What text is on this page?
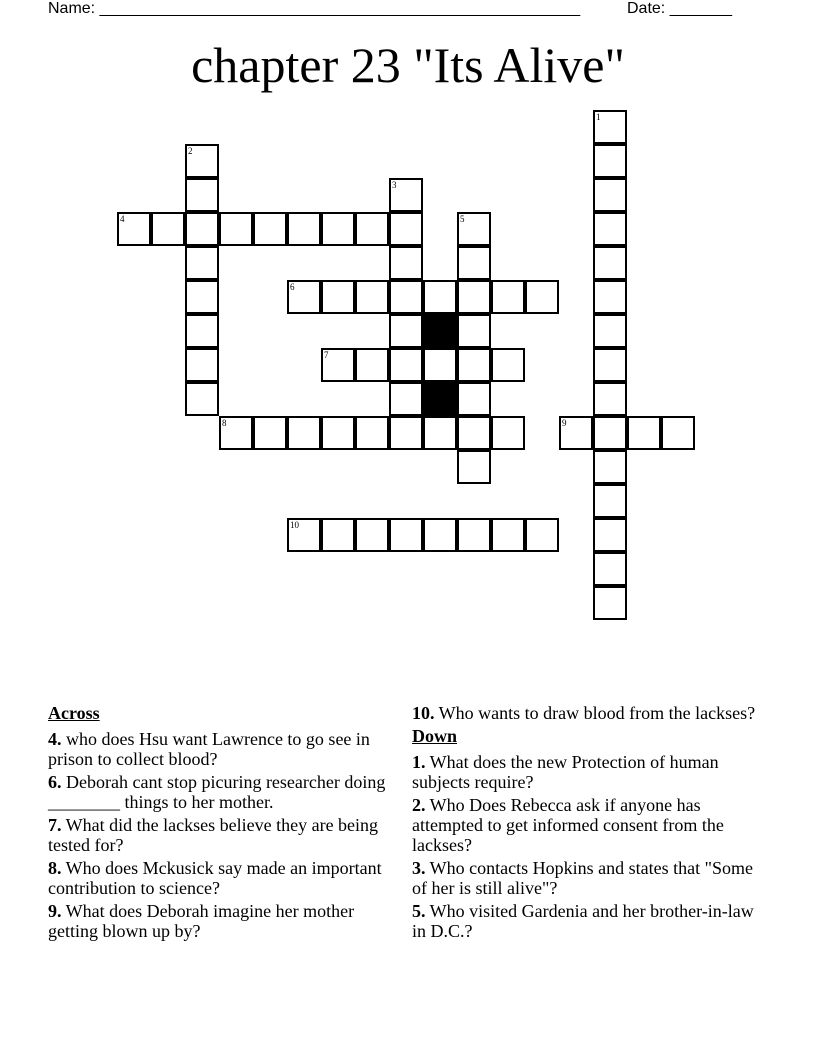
Name: ______________________________________________________	Date: _______
chapter 23 "Its Alive"
1
2
3
4	5
6
7
8	9
10
Across
4. who does Hsu want Lawrence to go see in prison to collect blood?
6. Deborah cant stop picuring researcher doing ________ things to her mother.
7. What did the lackses believe they are being tested for?
8. Who does Mckusick say made an important contribution to science?
9. What does Deborah imagine her mother getting blown up by?
10. Who wants to draw blood from the lackses?
Down
1. What does the new Protection of human subjects require?
2. Who Does Rebecca ask if anyone has attempted to get informed consent from the lackses?
3. Who contacts Hopkins and states that "Some of her is still alive"?
5. Who visited Gardenia and her brother-in-law in D.C.?
